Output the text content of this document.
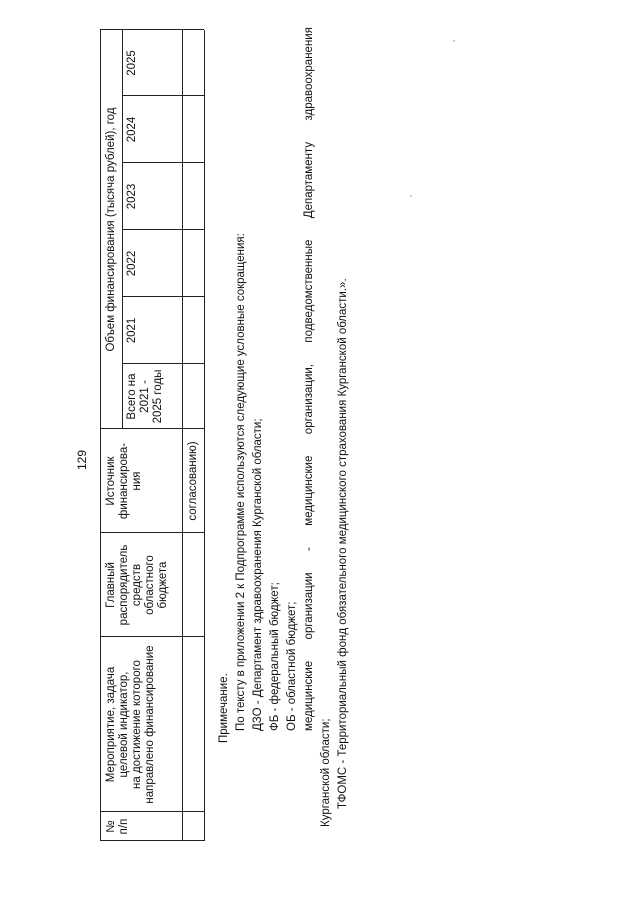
129
№
п/п
Мероприятие, задача
целевой индикатор,
на достижение которого
направлено финансирование
Главный
распорядитель
средств
областного
бюджета
Источник
финансирова-
ния
Объем финансирования (тысяча рублей), год
Всего на
2021 -
2025 годы
2021
2022
2023
2024
2025
согласованию)
Примечание. По тексту в приложении 2 к Подпрограмме используются следующие условные сокращения: ДЗО - Департамент здравоохранения Курганской области; ФБ - федеральный бюджет; ОБ - областной бюджет; медицинские
организации
-
медицинские
организации,
подведомственные
Департаменту
здравоохранения
Курганской области; ТФОМС - Территориальный фонд обязательного медицинского страхования Курганской области.».
